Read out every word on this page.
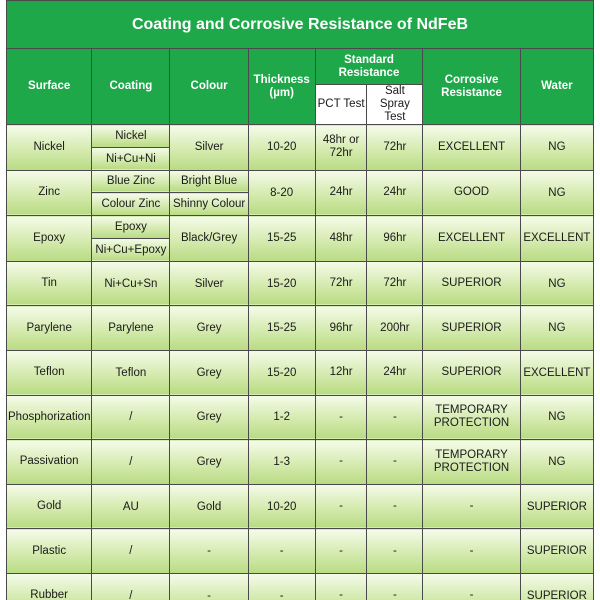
Coating and Corrosive Resistance of NdFeB							
Surface	Coating	Colour	Thickness (µm)	Standard Resistance		Corrosive Resistance	Water
				PCT Test	Salt Spray Test		
Nickel	Nickel	Silver	10-20	48hr or 72hr	72hr	EXCELLENT	NG
	Ni+Cu+Ni						
Zinc	Blue Zinc	Bright Blue	8-20	24hr	24hr	GOOD	NG
	Colour Zinc	Shinny Colour					
Epoxy	Epoxy	Black/Grey	15-25	48hr	96hr	EXCELLENT	EXCELLENT
	Ni+Cu+Epoxy						
Tin	Ni+Cu+Sn	Silver	15-20	72hr	72hr	SUPERIOR	NG
Parylene	Parylene	Grey	15-25	96hr	200hr	SUPERIOR	NG
Teflon	Teflon	Grey	15-20	12hr	24hr	SUPERIOR	EXCELLENT
Phosphorization	/	Grey	1-2	-	-	TEMPORARY PROTECTION	NG
Passivation	/	Grey	1-3	-	-	TEMPORARY PROTECTION	NG
Gold	AU	Gold	10-20	-	-	-	SUPERIOR
Plastic	/	-	-	-	-	-	SUPERIOR
Rubber	/	-	-	-	-	-	SUPERIOR
